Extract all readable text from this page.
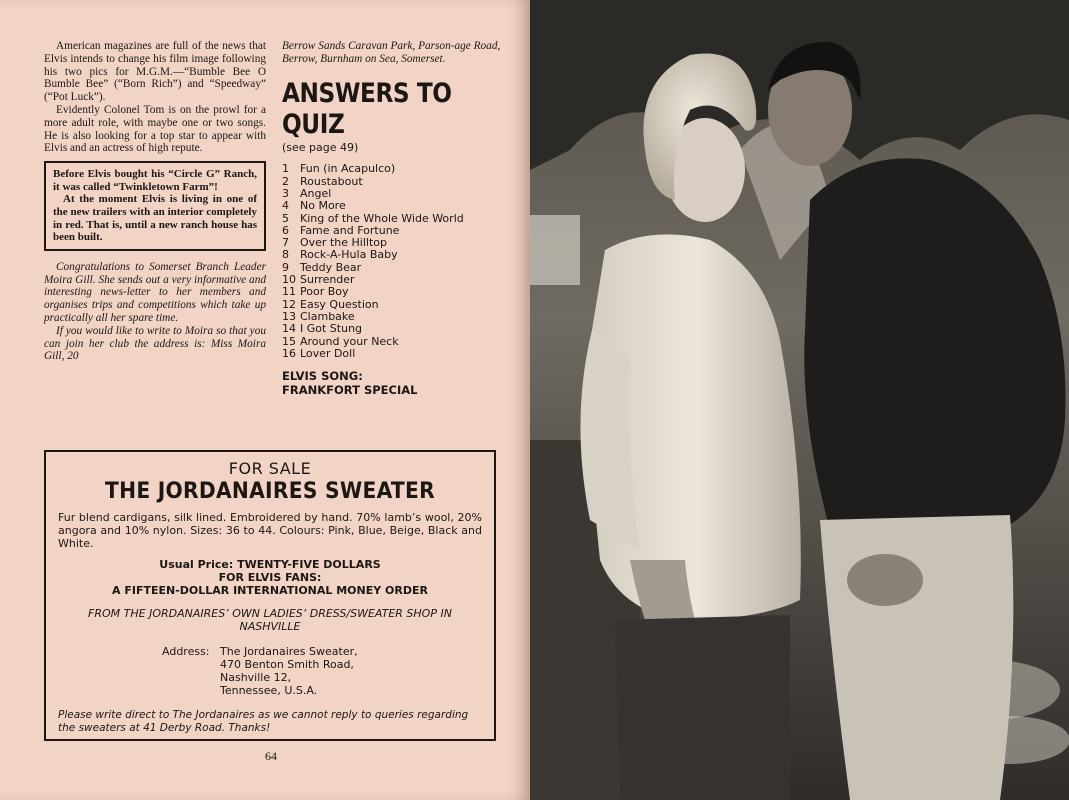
American magazines are full of the news that Elvis intends to change his film image following his two pics for M.G.M.—“Bumble Bee O Bumble Bee” (“Born Rich”) and “Speedway” (“Pot Luck”).

Evidently Colonel Tom is on the prowl for a more adult role, with maybe one or two songs. He is also looking for a top star to appear with Elvis and an actress of high repute.

Before Elvis bought his “Circle G” Ranch, it was called “Twinkletown Farm”!

At the moment Elvis is living in one of the new trailers with an interior completely in red. That is, until a new ranch house has been built.

Congratulations to Somerset Branch Leader Moira Gill. She sends out a very informative and interesting news-letter to her members and organises trips and competitions which take up practically all her spare time.

If you would like to write to Moira so that you can join her club the address is: Miss Moira Gill, 20

Berrow Sands Caravan Park, Parson-age Road, Berrow, Burnham on Sea, Somerset.

ANSWERS TO
QUIZ
(see page 49)
1	Fun (in Acapulco)
2	Roustabout
3	Angel
4	No More
5	King of the Whole Wide World
6	Fame and Fortune
7	Over the Hilltop
8	Rock-A-Hula Baby
9	Teddy Bear
10 Surrender
11 Poor Boy
12 Easy Question
13 Clambake
14 I Got Stung
15 Around your Neck
16 Lover Doll
ELVIS SONG:
FRANKFORT SPECIAL
FOR SALE
THE JORDANAIRES SWEATER

Fur blend cardigans, silk lined. Embroidered by hand. 70% lamb’s wool, 20% angora and 10% nylon. Sizes: 36 to 44. Colours: Pink, Blue, Beige, Black and White.

Usual Price: TWENTY-FIVE DOLLARS
FOR ELVIS FANS:
A FIFTEEN-DOLLAR INTERNATIONAL MONEY ORDER

FROM THE JORDANAIRES’ OWN LADIES’ DRESS/SWEATER SHOP IN NASHVILLE
Address: The Jordanaires Sweater,
470 Benton Smith Road,
Nashville 12,
Tennessee, U.S.A.
Please write direct to The Jordanaires as we cannot reply to queries regarding the sweaters at 41 Derby Road. Thanks!
64
